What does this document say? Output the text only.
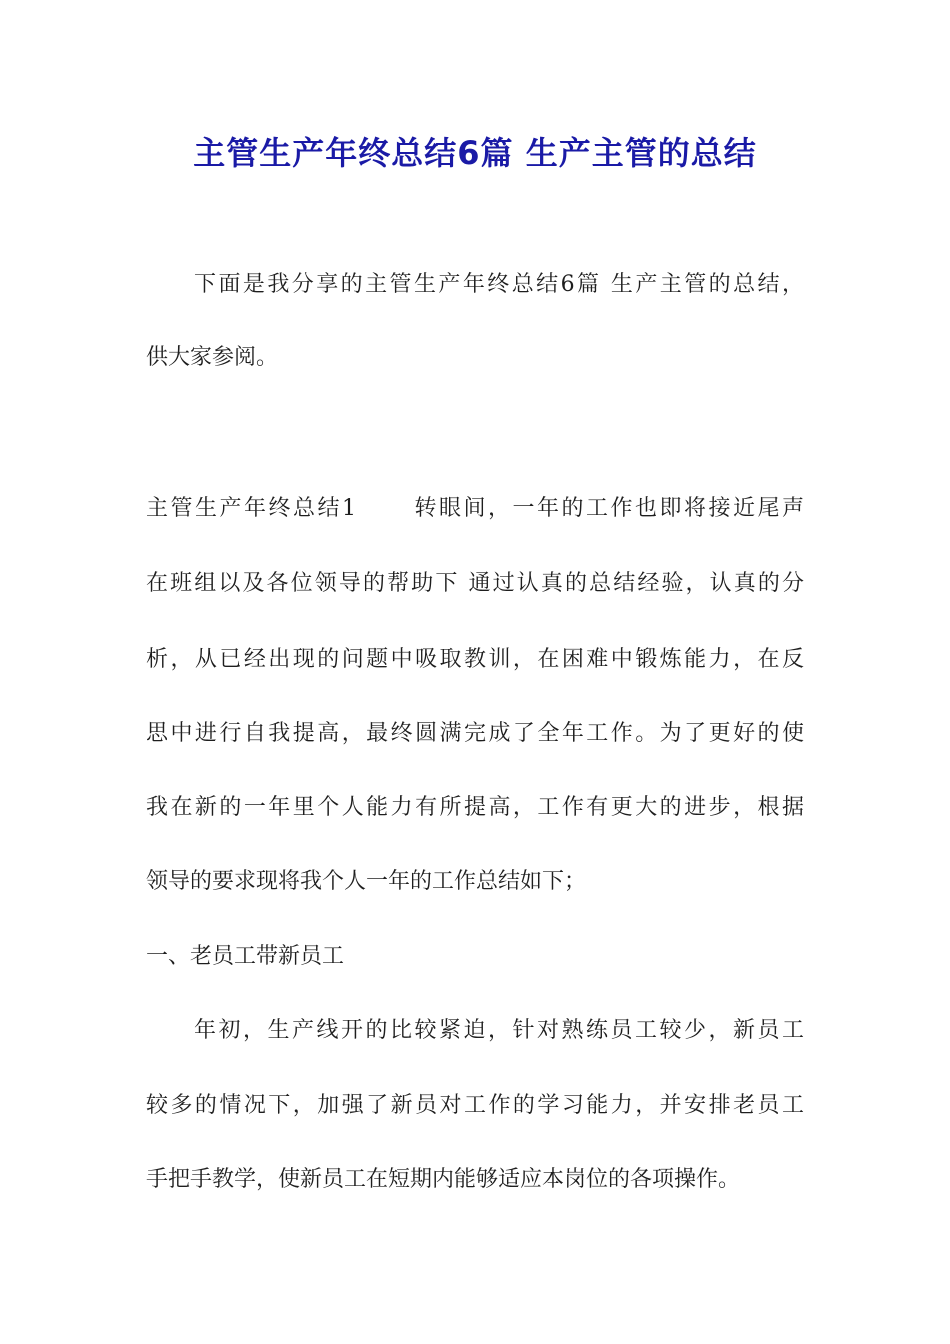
主管生产年终总结6篇 生产主管的总结
下面是我分享的主管生产年终总结6篇 生产主管的总结，
供大家参阅。
主管生产年终总结1	转眼间，一年的工作也即将接近尾声
在班组以及各位领导的帮助下 通过认真的总结经验，认真的分
析，从已经出现的问题中吸取教训，在困难中锻炼能力，在反
思中进行自我提高，最终圆满完成了全年工作。为了更好的使
我在新的一年里个人能力有所提高，工作有更大的进步，根据
领导的要求现将我个人一年的工作总结如下；
一、老员工带新员工
年初，生产线开的比较紧迫，针对熟练员工较少，新员工
较多的情况下，加强了新员对工作的学习能力，并安排老员工
手把手教学，使新员工在短期内能够适应本岗位的各项操作。
